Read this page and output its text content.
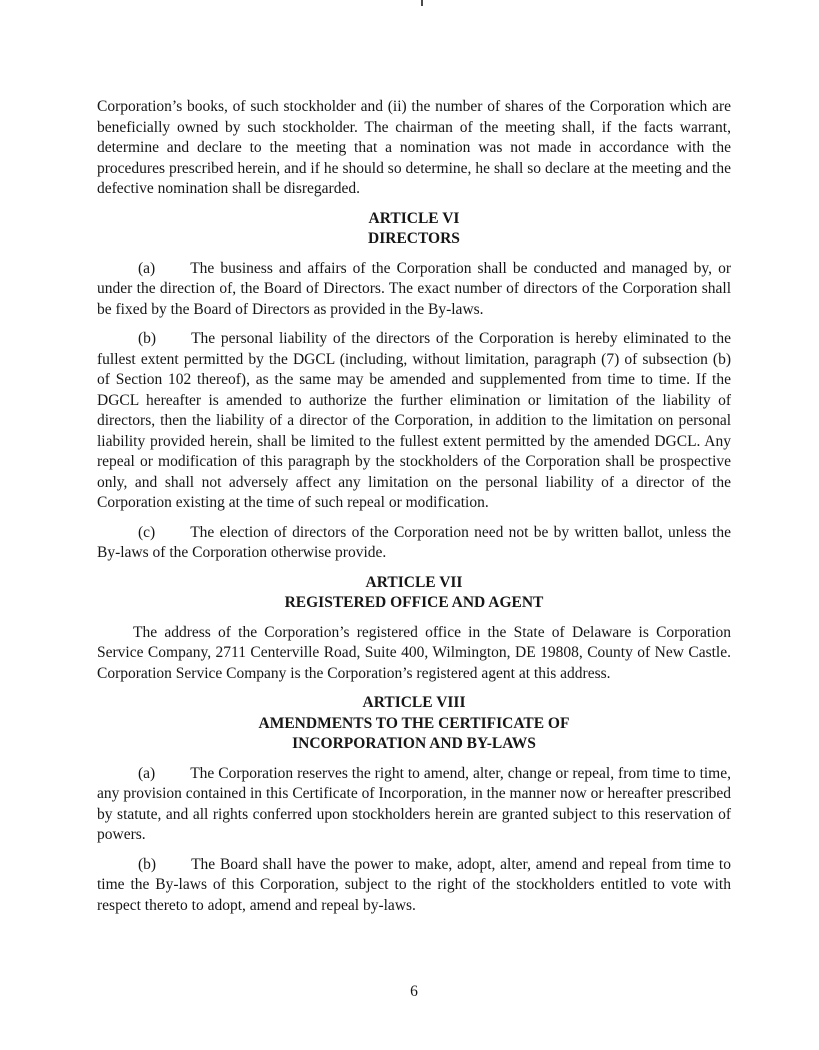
Corporation’s books, of such stockholder and (ii) the number of shares of the Corporation which are beneficially owned by such stockholder. The chairman of the meeting shall, if the facts warrant, determine and declare to the meeting that a nomination was not made in accordance with the procedures prescribed herein, and if he should so determine, he shall so declare at the meeting and the defective nomination shall be disregarded.

ARTICLE VI
DIRECTORS

(a) The business and affairs of the Corporation shall be conducted and managed by, or under the direction of, the Board of Directors. The exact number of directors of the Corporation shall be fixed by the Board of Directors as provided in the By-laws.

(b) The personal liability of the directors of the Corporation is hereby eliminated to the fullest extent permitted by the DGCL (including, without limitation, paragraph (7) of subsection (b) of Section 102 thereof), as the same may be amended and supplemented from time to time. If the DGCL hereafter is amended to authorize the further elimination or limitation of the liability of directors, then the liability of a director of the Corporation, in addition to the limitation on personal liability provided herein, shall be limited to the fullest extent permitted by the amended DGCL. Any repeal or modification of this paragraph by the stockholders of the Corporation shall be prospective only, and shall not adversely affect any limitation on the personal liability of a director of the Corporation existing at the time of such repeal or modification.

(c) The election of directors of the Corporation need not be by written ballot, unless the By-laws of the Corporation otherwise provide.

ARTICLE VII
REGISTERED OFFICE AND AGENT

The address of the Corporation’s registered office in the State of Delaware is Corporation Service Company, 2711 Centerville Road, Suite 400, Wilmington, DE 19808, County of New Castle. Corporation Service Company is the Corporation’s registered agent at this address.

ARTICLE VIII
AMENDMENTS TO THE CERTIFICATE OF
INCORPORATION AND BY-LAWS

(a) The Corporation reserves the right to amend, alter, change or repeal, from time to time, any provision contained in this Certificate of Incorporation, in the manner now or hereafter prescribed by statute, and all rights conferred upon stockholders herein are granted subject to this reservation of powers.

(b) The Board shall have the power to make, adopt, alter, amend and repeal from time to time the By-laws of this Corporation, subject to the right of the stockholders entitled to vote with respect thereto to adopt, amend and repeal by-laws.

6
